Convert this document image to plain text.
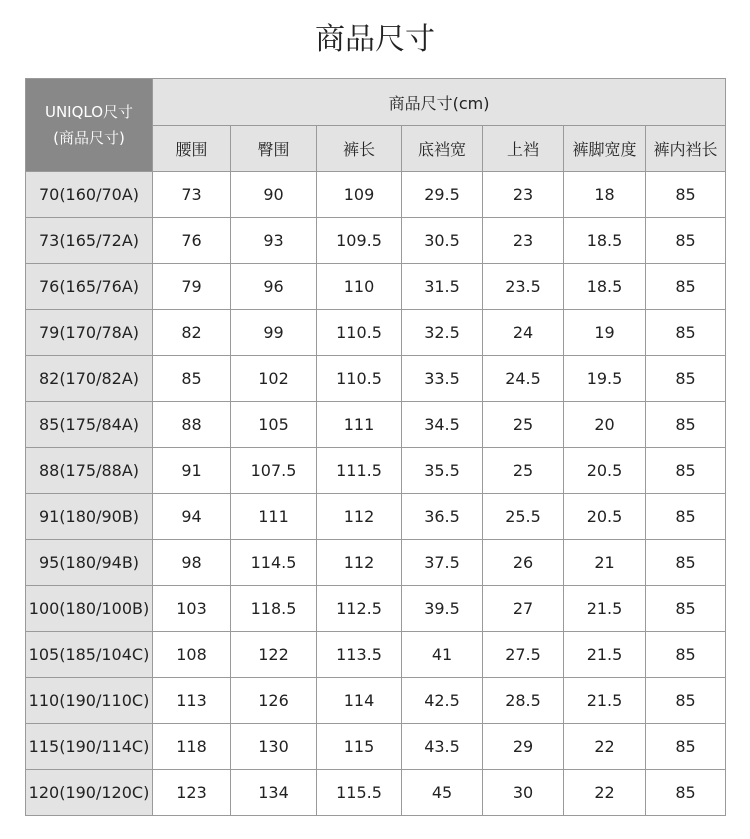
商品尺寸
UNIQLO尺寸
(商品尺寸)	商品尺寸(cm)						
	腰围	臀围	裤长	底裆宽	上裆	裤脚宽度	裤内裆长
70(160/70A)	73	90	109	29.5	23	18	85
73(165/72A)	76	93	109.5	30.5	23	18.5	85
76(165/76A)	79	96	110	31.5	23.5	18.5	85
79(170/78A)	82	99	110.5	32.5	24	19	85
82(170/82A)	85	102	110.5	33.5	24.5	19.5	85
85(175/84A)	88	105	111	34.5	25	20	85
88(175/88A)	91	107.5	111.5	35.5	25	20.5	85
91(180/90B)	94	111	112	36.5	25.5	20.5	85
95(180/94B)	98	114.5	112	37.5	26	21	85
100(180/100B)	103	118.5	112.5	39.5	27	21.5	85
105(185/104C)	108	122	113.5	41	27.5	21.5	85
110(190/110C)	113	126	114	42.5	28.5	21.5	85
115(190/114C)	118	130	115	43.5	29	22	85
120(190/120C)	123	134	115.5	45	30	22	85
